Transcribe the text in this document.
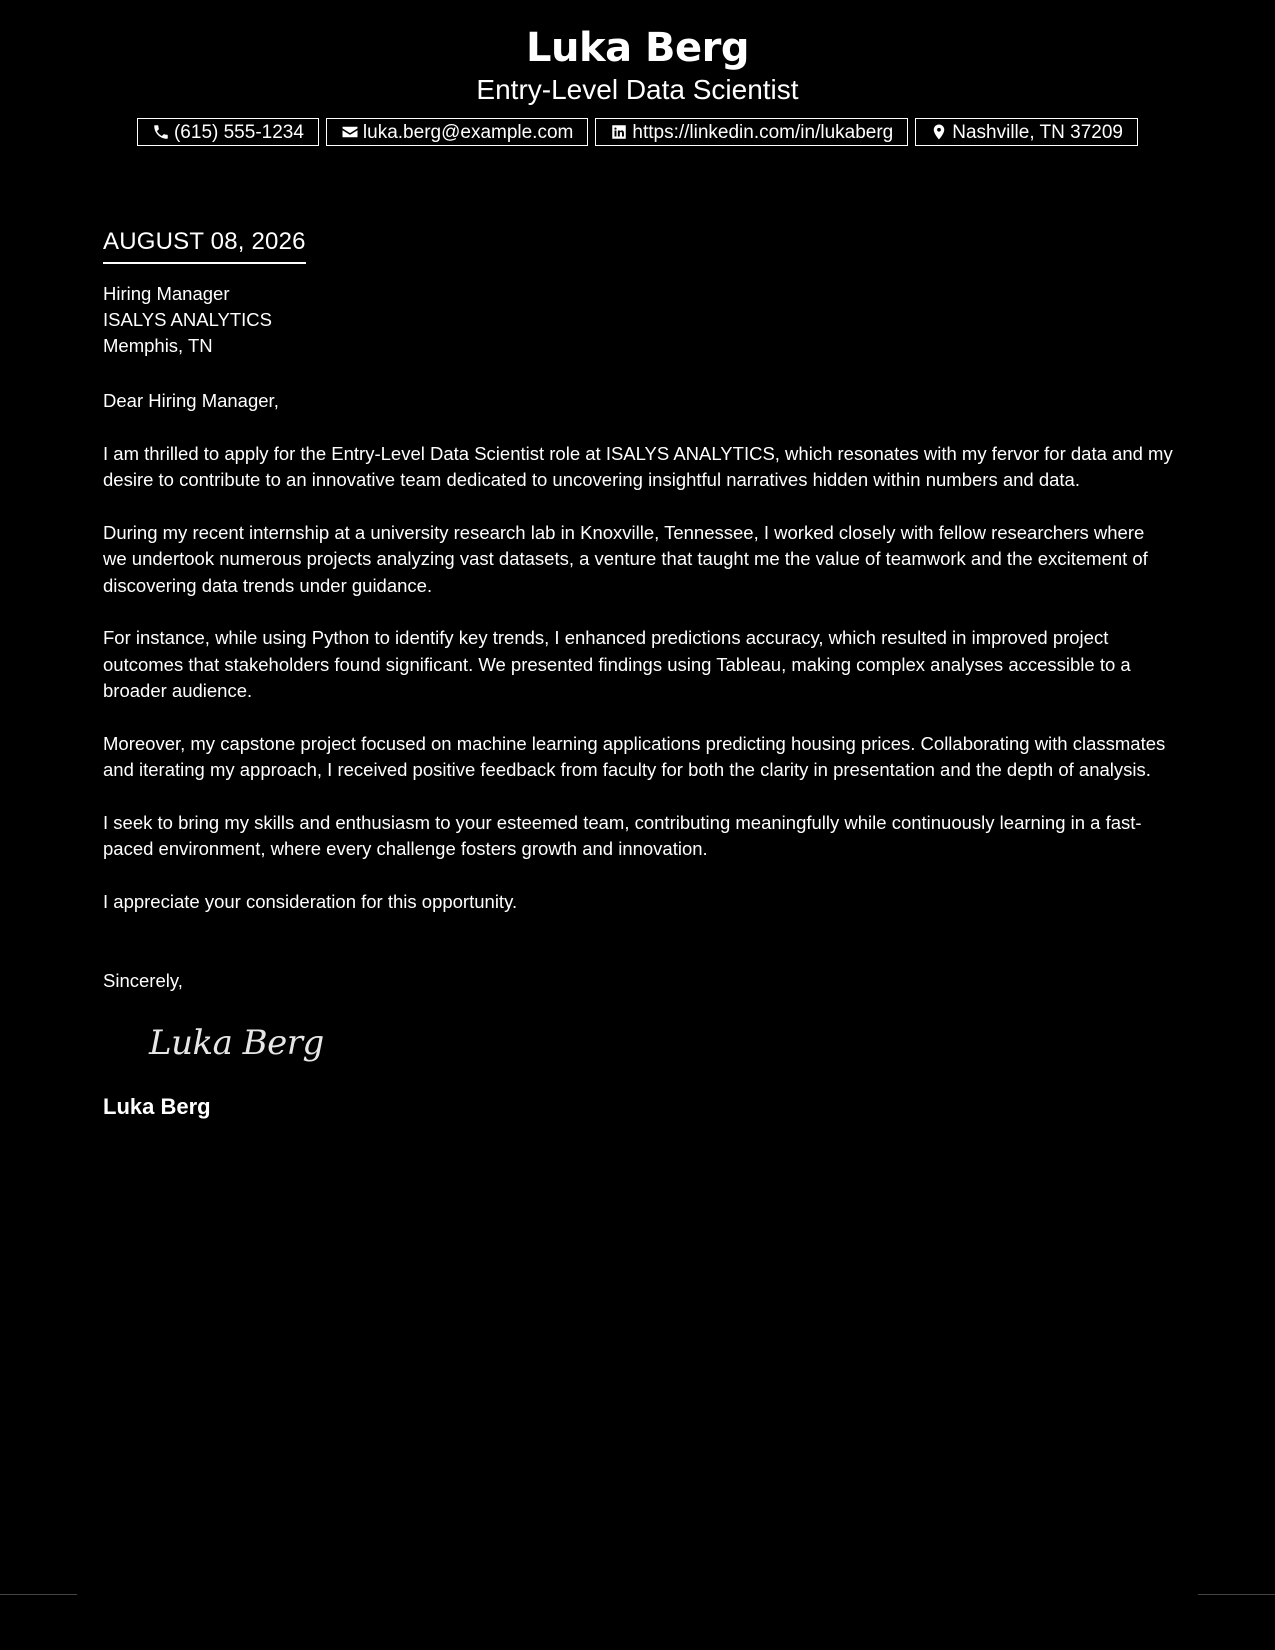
Luka Berg
Entry-Level Data Scientist
(615) 555-1234	luka.berg@example.com	https://linkedin.com/in/lukaberg	Nashville, TN 37209
AUGUST 08, 2026
Hiring Manager
ISALYS ANALYTICS
Memphis, TN
Dear Hiring Manager,

I am thrilled to apply for the Entry-Level Data Scientist role at ISALYS ANALYTICS, which resonates with my fervor for data and my desire to contribute to an innovative team dedicated to uncovering insightful narratives hidden within numbers and data.

During my recent internship at a university research lab in Knoxville, Tennessee, I worked closely with fellow researchers where we undertook numerous projects analyzing vast datasets, a venture that taught me the value of teamwork and the excitement of discovering data trends under guidance.

For instance, while using Python to identify key trends, I enhanced predictions accuracy, which resulted in improved project outcomes that stakeholders found significant. We presented findings using Tableau, making complex analyses accessible to a broader audience.

Moreover, my capstone project focused on machine learning applications predicting housing prices. Collaborating with classmates and iterating my approach, I received positive feedback from faculty for both the clarity in presentation and the depth of analysis.

I seek to bring my skills and enthusiasm to your esteemed team, contributing meaningfully while continuously learning in a fast-paced environment, where every challenge fosters growth and innovation.

I appreciate your consideration for this opportunity.

Sincerely,
Luka Berg
Luka Berg
